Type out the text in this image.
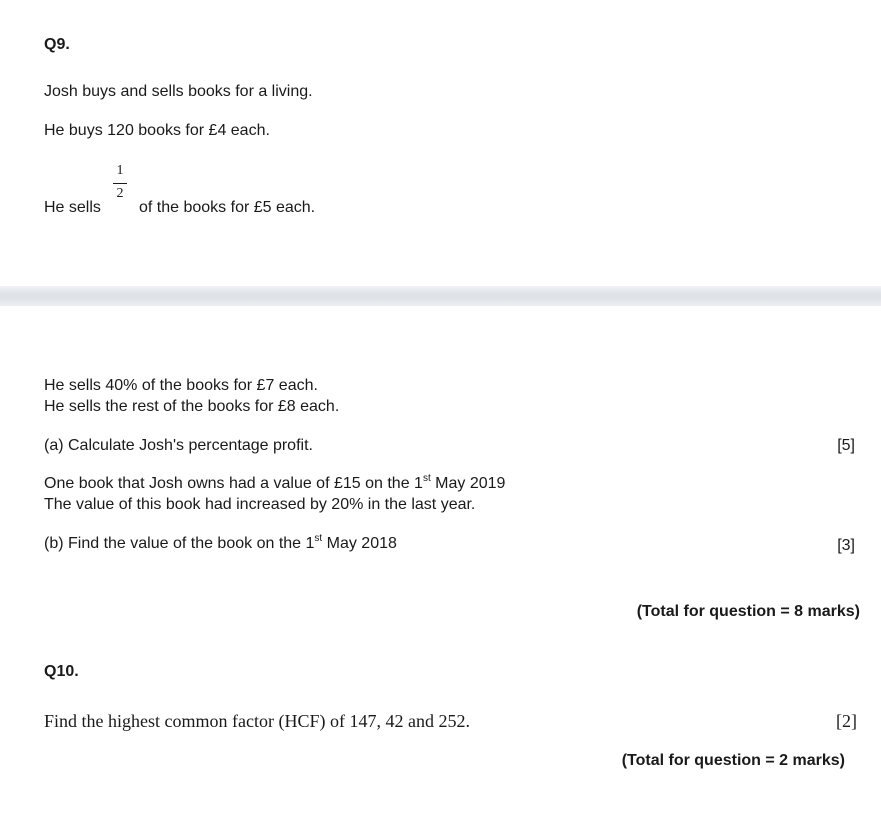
Q9.
Josh buys and sells books for a living.
He buys 120 books for £4 each.
He sells
1
2
of the books for £5 each.
He sells 40% of the books for £7 each.
He sells the rest of the books for £8 each.
(a) Calculate Josh's percentage profit.	[5]
One book that Josh owns had a value of £15 on the 1st May 2019
The value of this book had increased by 20% in the last year.
(b) Find the value of the book on the 1st May 2018	[3]
(Total for question = 8 marks)
Q10.
Find the highest common factor (HCF) of 147, 42 and 252.	[2]
(Total for question = 2 marks)
